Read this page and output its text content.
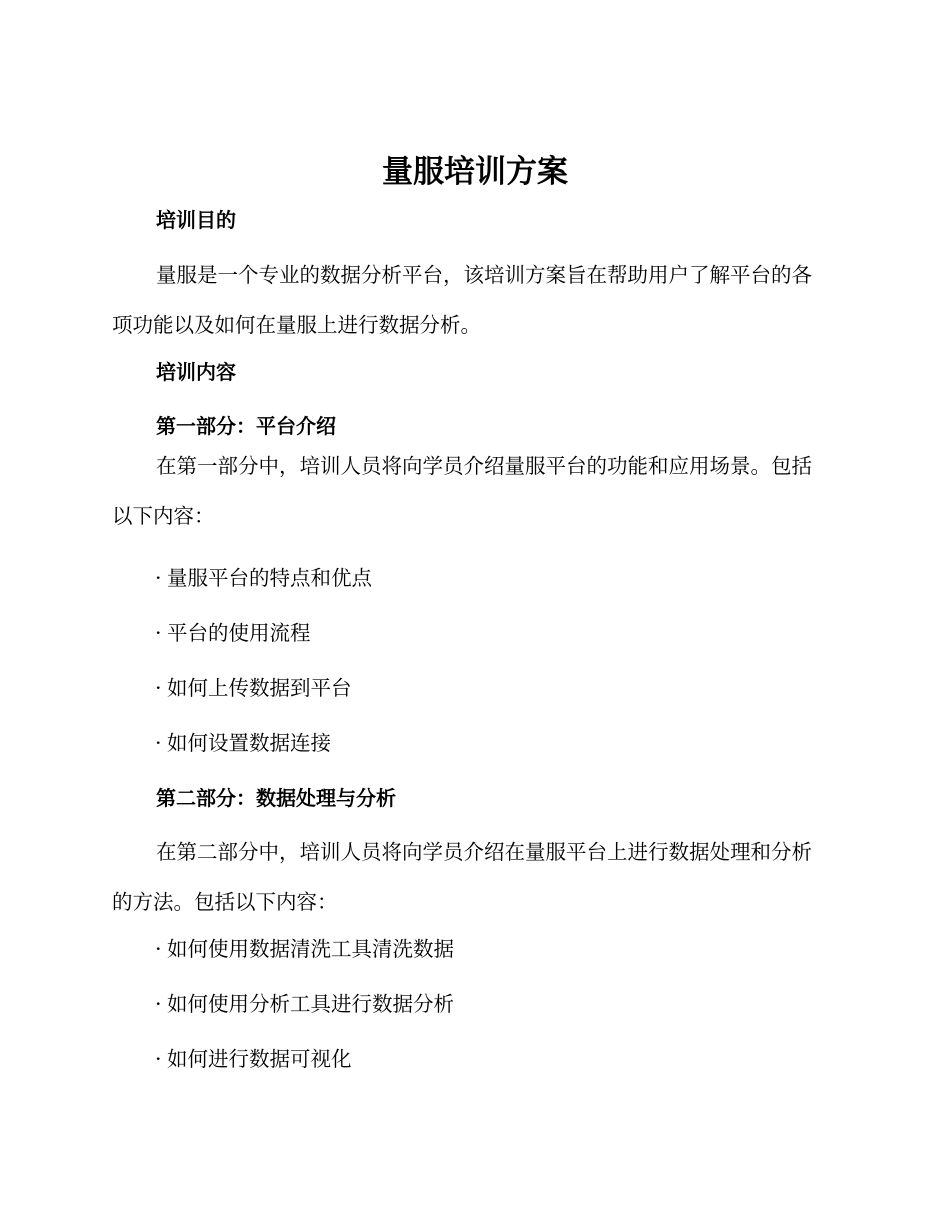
量服培训方案
培训目的

量服是一个专业的数据分析平台，该培训方案旨在帮助用户了解平台的各项功能以及如何在量服上进行数据分析。

培训内容
第一部分：平台介绍

在第一部分中，培训人员将向学员介绍量服平台的功能和应用场景。包括以下内容：

· 量服平台的特点和优点
· 平台的使用流程
· 如何上传数据到平台
· 如何设置数据连接
第二部分：数据处理与分析

在第二部分中，培训人员将向学员介绍在量服平台上进行数据处理和分析的方法。包括以下内容：

· 如何使用数据清洗工具清洗数据
· 如何使用分析工具进行数据分析
· 如何进行数据可视化
